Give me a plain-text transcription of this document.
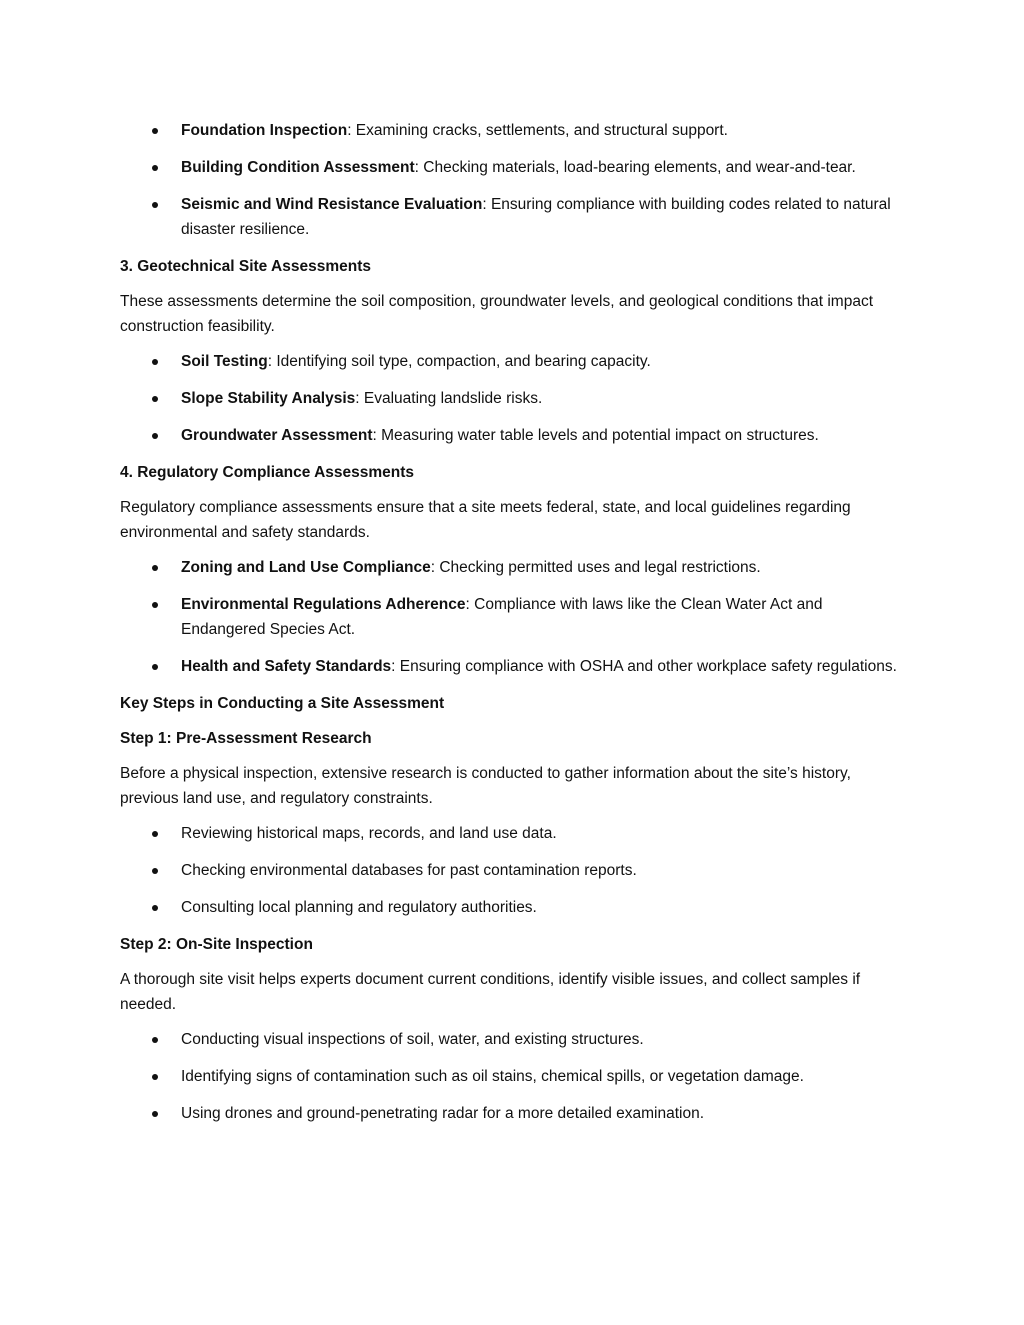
Foundation Inspection: Examining cracks, settlements, and structural support.
Building Condition Assessment: Checking materials, load-bearing elements, and wear-and-tear.
Seismic and Wind Resistance Evaluation: Ensuring compliance with building codes related to natural disaster resilience.
3. Geotechnical Site Assessments
These assessments determine the soil composition, groundwater levels, and geological conditions that impact construction feasibility.
Soil Testing: Identifying soil type, compaction, and bearing capacity.
Slope Stability Analysis: Evaluating landslide risks.
Groundwater Assessment: Measuring water table levels and potential impact on structures.
4. Regulatory Compliance Assessments
Regulatory compliance assessments ensure that a site meets federal, state, and local guidelines regarding environmental and safety standards.
Zoning and Land Use Compliance: Checking permitted uses and legal restrictions.
Environmental Regulations Adherence: Compliance with laws like the Clean Water Act and Endangered Species Act.
Health and Safety Standards: Ensuring compliance with OSHA and other workplace safety regulations.
Key Steps in Conducting a Site Assessment
Step 1: Pre-Assessment Research
Before a physical inspection, extensive research is conducted to gather information about the site’s history, previous land use, and regulatory constraints.
Reviewing historical maps, records, and land use data.
Checking environmental databases for past contamination reports.
Consulting local planning and regulatory authorities.
Step 2: On-Site Inspection
A thorough site visit helps experts document current conditions, identify visible issues, and collect samples if needed.
Conducting visual inspections of soil, water, and existing structures.
Identifying signs of contamination such as oil stains, chemical spills, or vegetation damage.
Using drones and ground-penetrating radar for a more detailed examination.
